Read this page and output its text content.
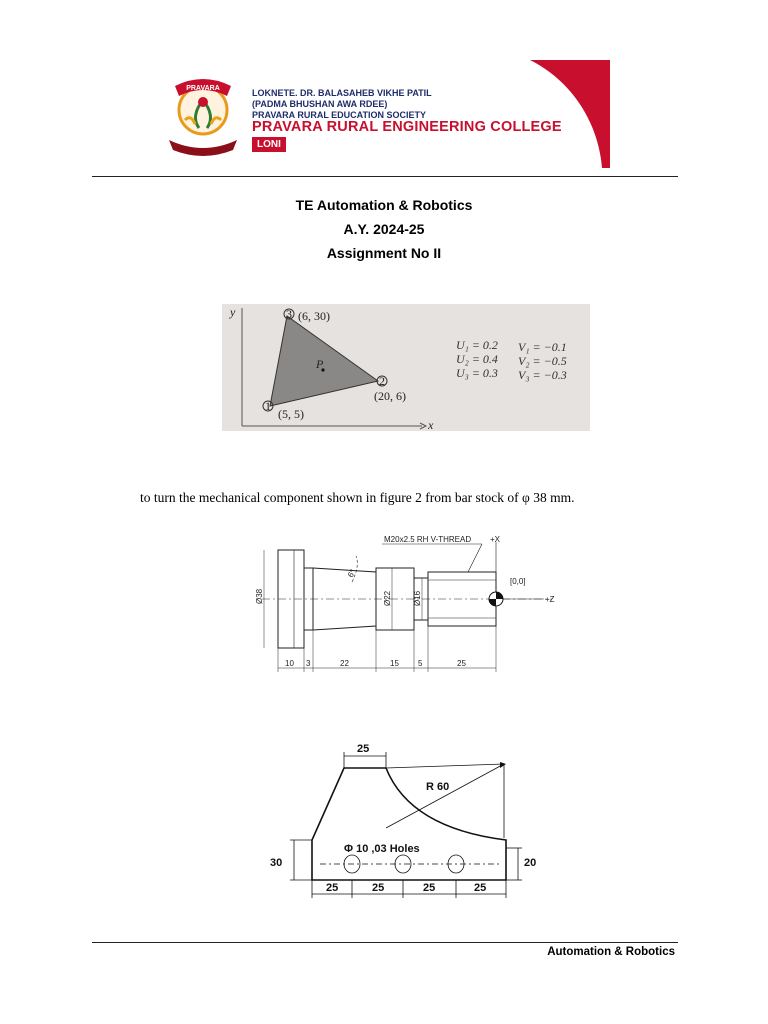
PRAVARA	LOKNETE. DR. BALASAHEB VIKHE PATIL
(PADMA BHUSHAN AWA RDEE)
PRAVARA RURAL EDUCATION SOCIETY
PRAVARA RURAL ENGINEERING COLLEGE
LONI
TE Automation & Robotics
A.Y. 2024-25
Assignment No II
y
x
P
1
(5, 5)
2
(20, 6)
3 (6, 30)
U₁ = 0.2 V₁ = −0.1
U₂ = 0.4 V₂ = −0.5
U₃ = 0.3 V₃ = −0.3
to turn the mechanical component shown in figure 2 from bar stock of φ 38 mm.
M20x2.5 RH V-THREAD +X
+Z
[0,0]
Ø38	Ø22	Ø16
6°
10 3	22	15 5	25
25
R 60
Φ 10 ,03 Holes
30	20
25	25	25	25
Automation & Robotics
